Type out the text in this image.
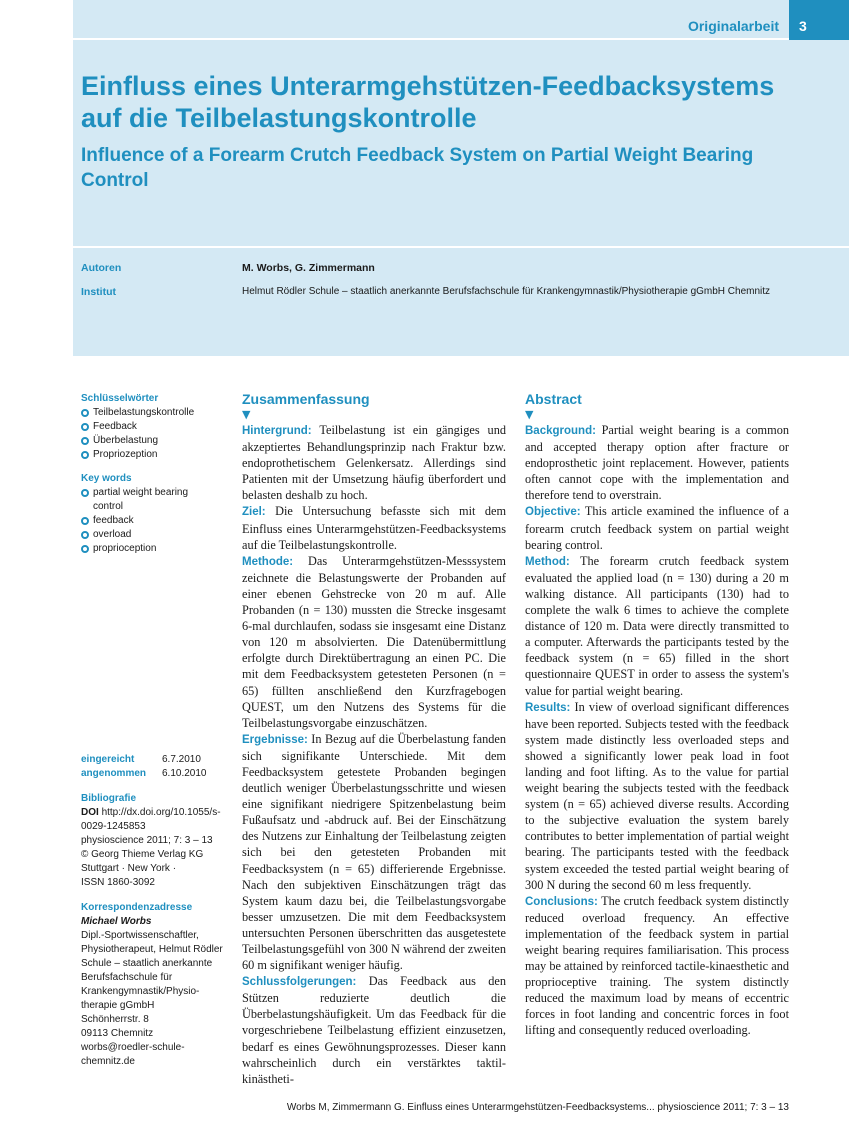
Originalarbeit	3
Einfluss eines Unterarmgehstützen-Feedbacksystems auf die Teilbelastungskontrolle
Influence of a Forearm Crutch Feedback System on Partial Weight Bearing Control
Autoren	M. Worbs, G. Zimmermann
Institut	Helmut Rödler Schule – staatlich anerkannte Berufsfachschule für Krankengymnastik/Physiotherapie gGmbH Chemnitz
Schlüsselwörter
Teilbelastungskontrolle
Feedback
Überbelastung
Propriozeption
Key words
partial weight bearing control
feedback
overload
proprioception
eingereicht	6.7.2010
angenommen 6.10.2010
Bibliografie
DOI http://dx.doi.org/10.1055/s-0029-1245853
physioscience 2011; 7: 3 – 13
© Georg Thieme Verlag KG
Stuttgart · New York ·
ISSN 1860-3092
Korrespondenzadresse
Michael Worbs
Dipl.-Sportwissenschaftler,
Physiotherapeut, Helmut Rödler
Schule – staatlich anerkannte
Berufsfachschule für
Krankengymnastik/Physio-
therapie gGmbH
Schönherrstr. 8
09113 Chemnitz
worbs@roedler-schule-
chemnitz.de
Zusammenfassung
▼
Hintergrund: Teilbelastung ist ein gängiges und akzeptiertes Behandlungsprinzip nach Fraktur bzw. endoprothetischem Gelenkersatz. Allerdings sind Patienten mit der Umsetzung häufig überfordert und belasten deshalb zu hoch.
Ziel: Die Untersuchung befasste sich mit dem Einfluss eines Unterarmgehstützen-Feedbacksystems auf die Teilbelastungskontrolle.
Methode: Das Unterarmgehstützen-Messsystem zeichnete die Belastungswerte der Probanden auf einer ebenen Gehstrecke von 20 m auf. Alle Probanden (n = 130) mussten die Strecke insgesamt 6-mal durchlaufen, sodass sie insgesamt eine Distanz von 120 m absolvierten. Die Datenübermittlung erfolgte durch Direktübertragung an einen PC. Die mit dem Feedbacksystem getesteten Personen (n = 65) füllten anschließend den Kurzfragebogen QUEST, um den Nutzens des Systems für die Teilbelastungsvorgabe einzuschätzen.
Ergebnisse: In Bezug auf die Überbelastung fanden sich signifikante Unterschiede. Mit dem Feedbacksystem getestete Probanden begingen deutlich weniger Überbelastungsschritte und wiesen eine signifikant niedrigere Spitzenbelastung beim Fußaufsatz und -abdruck auf. Bei der Einschätzung des Nutzens zur Einhaltung der Teilbelastung zeigten sich bei den getesteten Probanden mit Feedbacksystem (n = 65) differierende Ergebnisse. Nach den subjektiven Einschätzungen trägt das System kaum dazu bei, die Teilbelastungsvorgabe besser umzusetzen. Die mit dem Feedbacksystem untersuchten Personen überschritten das ausgetestete Teilbelastungsgefühl von 300 N während der zweiten 60 m signifikant weniger häufig.
Schlussfolgerungen: Das Feedback aus den Stützen reduzierte deutlich die Überbelastungshäufigkeit. Um das Feedback für die vorgeschriebene Teilbelastung effizient einzusetzen, bedarf es eines Gewöhnungsprozesses. Dieser kann wahrscheinlich durch ein verstärktes taktil-kinästheti-
Abstract
▼
Background: Partial weight bearing is a common and accepted therapy option after fracture or endoprosthetic joint replacement. However, patients often cannot cope with the implementation and therefore tend to overstrain.
Objective: This article examined the influence of a forearm crutch feedback system on partial weight bearing control.
Method: The forearm crutch feedback system evaluated the applied load (n = 130) during a 20 m walking distance. All participants (130) had to complete the walk 6 times to achieve the complete distance of 120 m. Data were directly transmitted to a computer. Afterwards the participants tested by the feedback system (n = 65) filled in the short questionnaire QUEST in order to assess the system's value for partial weight bearing.
Results: In view of overload significant differences have been reported. Subjects tested with the feedback system made distinctly less overloaded steps and showed a significantly lower peak load in foot landing and foot lifting. As to the value for partial weight bearing the subjects tested with the feedback system (n = 65) achieved diverse results. According to the subjective evaluation the system barely contributes to better implementation of partial weight bearing. The participants tested with the feedback system exceeded the tested partial weight bearing of 300 N during the second 60 m less frequently.
Conclusions: The crutch feedback system distinctly reduced overload frequency. An effective implementation of the feedback system in partial weight bearing requires familiarisation. This process may be attained by reinforced tactile-kinaesthetic and proprioceptive training. The system distinctly reduced the maximum load by means of eccentric forces in foot landing and concentric forces in foot lifting and consequently reduced overloading.
Worbs M, Zimmermann G. Einfluss eines Unterarmgehstützen-Feedbacksystems... physioscience 2011; 7: 3 – 13
